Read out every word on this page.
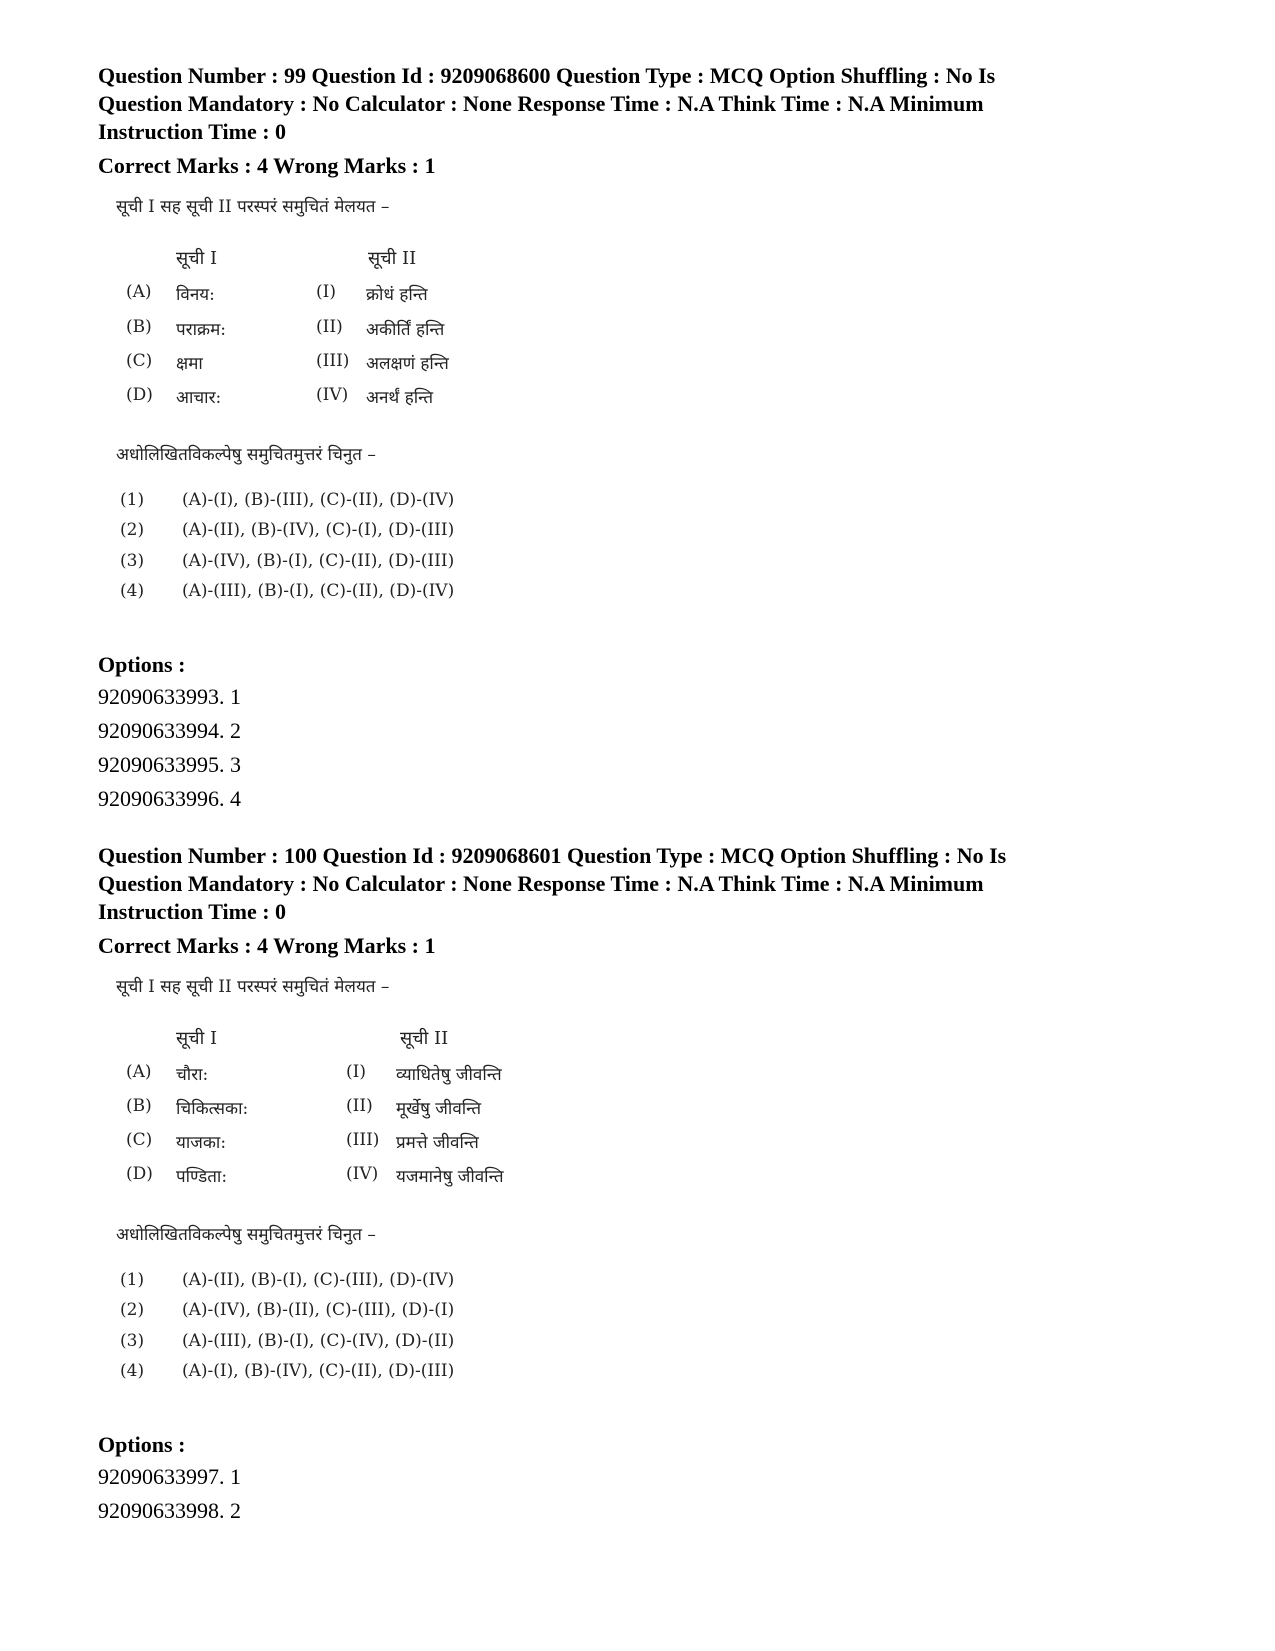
Question Number : 99 Question Id : 9209068600 Question Type : MCQ Option Shuffling : No Is
Question Mandatory : No Calculator : None Response Time : N.A Think Time : N.A Minimum
Instruction Time : 0
Correct Marks : 4 Wrong Marks : 1
सूची I सह सूची II परस्परं समुचितं मेलयत –
सूची I	सूची II
(A) विनय:	(I) क्रोधं हन्ति
(B) पराक्रम:	(II) अकीर्तिं हन्ति
(C) क्षमा	(III) अलक्षणं हन्ति
(D) आचार:	(IV) अनर्थं हन्ति
अधोलिखितविकल्पेषु समुचितमुत्तरं चिनुत –
(1) (A)-(I), (B)-(III), (C)-(II), (D)-(IV)
(2) (A)-(II), (B)-(IV), (C)-(I), (D)-(III)
(3) (A)-(IV), (B)-(I), (C)-(II), (D)-(III)
(4) (A)-(III), (B)-(I), (C)-(II), (D)-(IV)
Options :
92090633993. 1
92090633994. 2
92090633995. 3
92090633996. 4
Question Number : 100 Question Id : 9209068601 Question Type : MCQ Option Shuffling : No Is
Question Mandatory : No Calculator : None Response Time : N.A Think Time : N.A Minimum
Instruction Time : 0
Correct Marks : 4 Wrong Marks : 1
सूची I सह सूची II परस्परं समुचितं मेलयत –
सूची I	सूची II
(A) चौरा:	(I) व्याधितेषु जीवन्ति
(B) चिकित्सका:	(II) मूर्खेषु जीवन्ति
(C) याजका:	(III) प्रमत्ते जीवन्ति
(D) पण्डिता:	(IV) यजमानेषु जीवन्ति
अधोलिखितविकल्पेषु समुचितमुत्तरं चिनुत –
(1) (A)-(II), (B)-(I), (C)-(III), (D)-(IV)
(2) (A)-(IV), (B)-(II), (C)-(III), (D)-(I)
(3) (A)-(III), (B)-(I), (C)-(IV), (D)-(II)
(4) (A)-(I), (B)-(IV), (C)-(II), (D)-(III)
Options :
92090633997. 1
92090633998. 2
